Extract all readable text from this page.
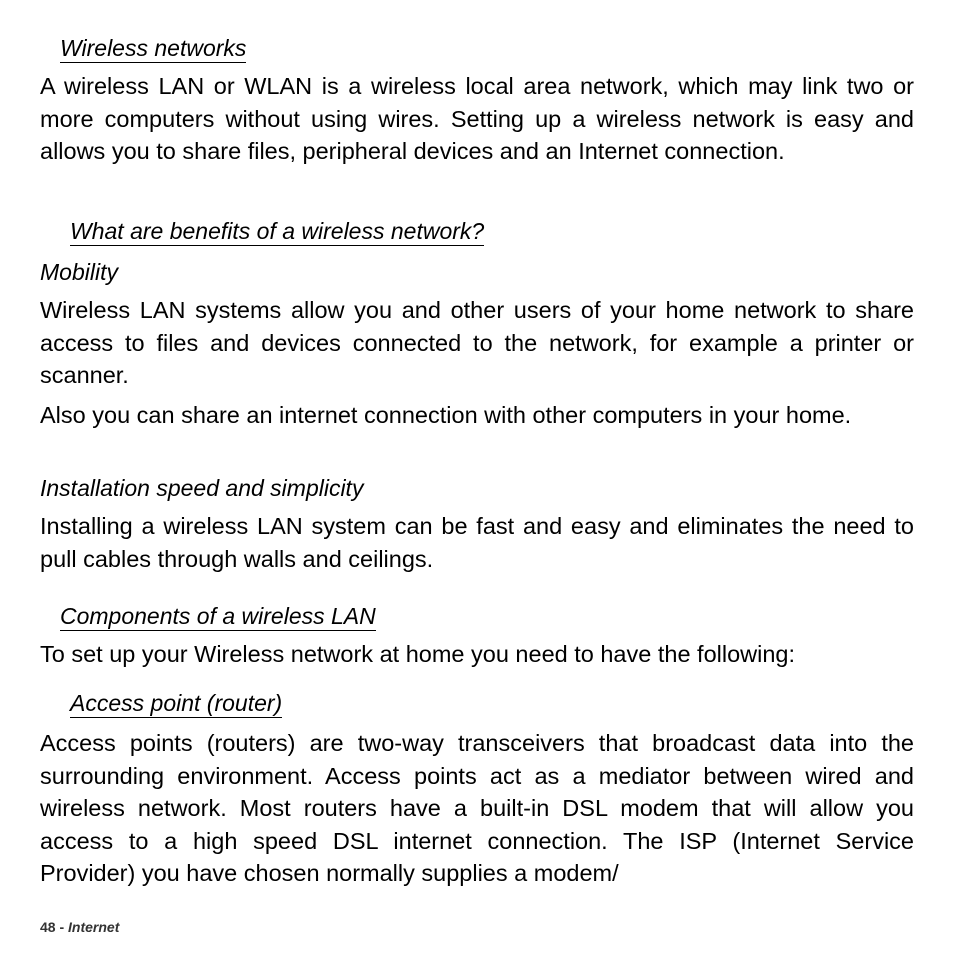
Wireless networks

A wireless LAN or WLAN is a wireless local area network, which may link two or more computers without using wires. Setting up a wireless network is easy and allows you to share files, peripheral devices and an Internet connection.

What are benefits of a wireless network?
Mobility

Wireless LAN systems allow you and other users of your home network to share access to files and devices connected to the network, for example a printer or scanner.

Also you can share an internet connection with other computers in your home.

Installation speed and simplicity

Installing a wireless LAN system can be fast and easy and eliminates the need to pull cables through walls and ceilings.

Components of a wireless LAN

To set up your Wireless network at home you need to have the following:

Access point (router)

Access points (routers) are two-way transceivers that broadcast data into the surrounding environment. Access points act as a mediator between wired and wireless network. Most routers have a built-in DSL modem that will allow you access to a high speed DSL internet connection. The ISP (Internet Service Provider) you have chosen normally supplies a modem/

48 - Internet
